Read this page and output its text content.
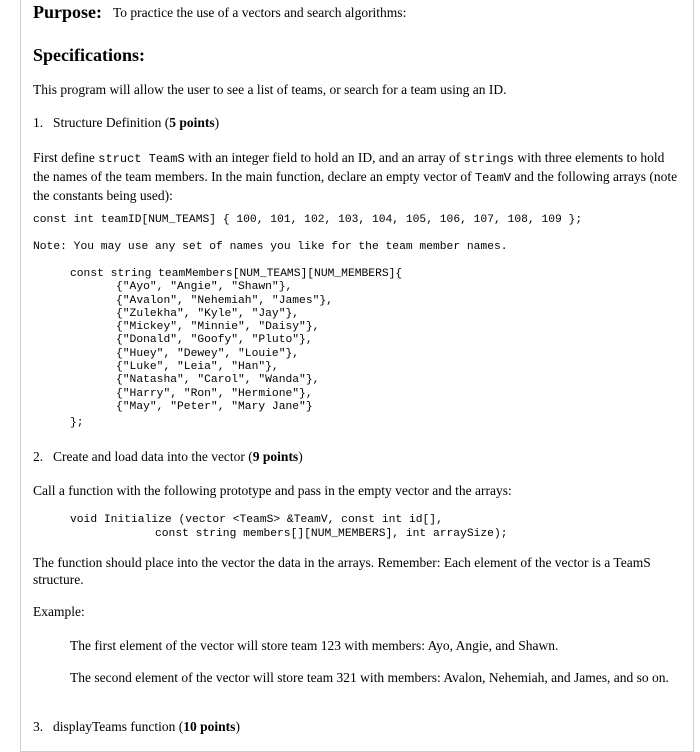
Purpose: To practice the use of a vectors and search algorithms:
Specifications:
This program will allow the user to see a list of teams, or search for a team using an ID.
1. Structure Definition (5 points)
First define struct TeamS with an integer field to hold an ID, and an array of strings with three elements to hold the names of the team members. In the main function, declare an empty vector of TeamV and the following arrays (note the constants being used):
const int teamID[NUM_TEAMS] { 100, 101, 102, 103, 104, 105, 106, 107, 108, 109 };
Note: You may use any set of names you like for the team member names.
const string teamMembers[NUM_TEAMS][NUM_MEMBERS]{
{"Ayo", "Angie", "Shawn"},
{"Avalon", "Nehemiah", "James"},
{"Zulekha", "Kyle", "Jay"},
{"Mickey", "Minnie", "Daisy"},
{"Donald", "Goofy", "Pluto"},
{"Huey", "Dewey", "Louie"},
{"Luke", "Leia", "Han"},
{"Natasha", "Carol", "Wanda"},
{"Harry", "Ron", "Hermione"},
{"May", "Peter", "Mary Jane"}
};
2. Create and load data into the vector (9 points)
Call a function with the following prototype and pass in the empty vector and the arrays:
void Initialize (vector <TeamS> &TeamV, const int id[],
const string members[][NUM_MEMBERS], int arraySize);
The function should place into the vector the data in the arrays. Remember: Each element of the vector is a TeamS structure.
Example:
The first element of the vector will store team 123 with members: Ayo, Angie, and Shawn.
The second element of the vector will store team 321 with members: Avalon, Nehemiah, and James, and so on.
3. displayTeams function (10 points)
